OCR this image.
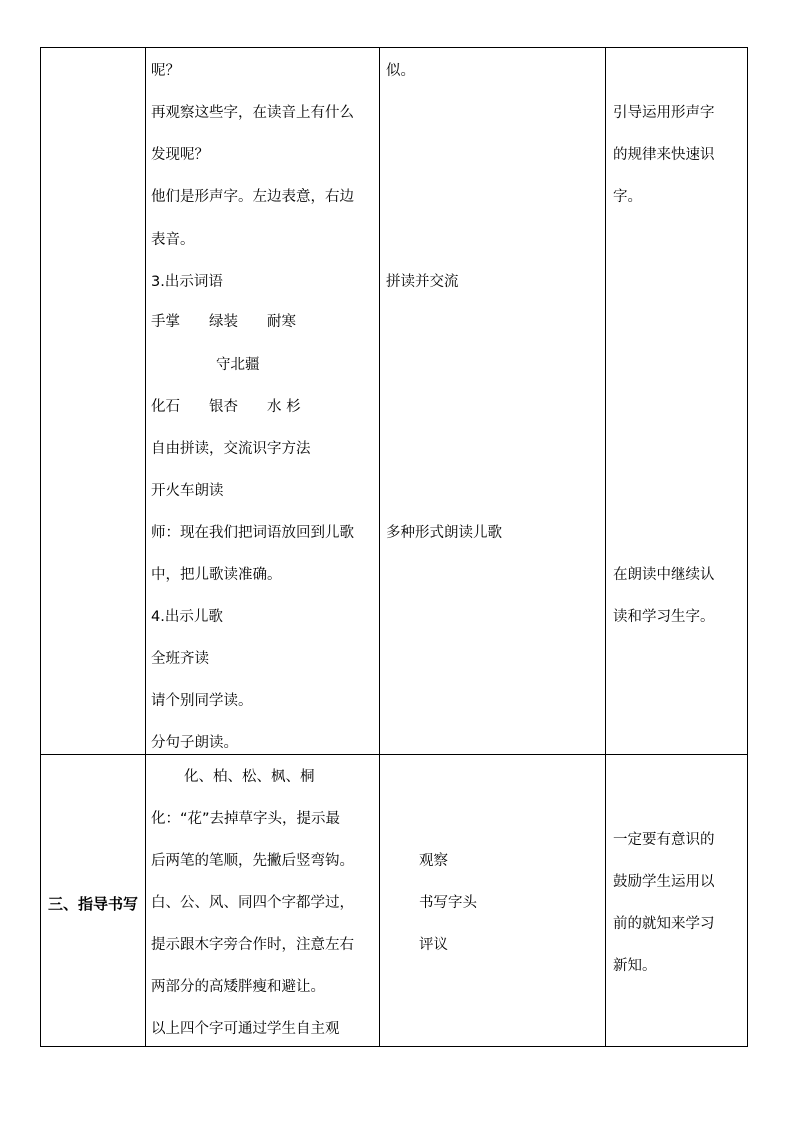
呢？
再观察这些字，在读音上有什么
发现呢？
他们是形声字。左边表意，右边
表音。
3.出示词语
手掌　　绿装　　耐寒
守北疆
化石　　银杏　　水 杉
自由拼读，交流识字方法
开火车朗读
师：现在我们把词语放回到儿歌
中，把儿歌读准确。
4.出示儿歌
全班齐读
请个别同学读。
分句子朗读。
似。
拼读并交流
多种形式朗读儿歌
引导运用形声字
的规律来快速识
字。
在朗读中继续认
读和学习生字。
三、指导书写
化、柏、松、枫、桐
化：“花”去掉草字头，提示最
后两笔的笔顺，先撇后竖弯钩。
白、公、风、同四个字都学过，
提示跟木字旁合作时，注意左右
两部分的高矮胖瘦和避让。
以上四个字可通过学生自主观
观察
书写字头
评议
一定要有意识的
鼓励学生运用以
前的就知来学习
新知。
